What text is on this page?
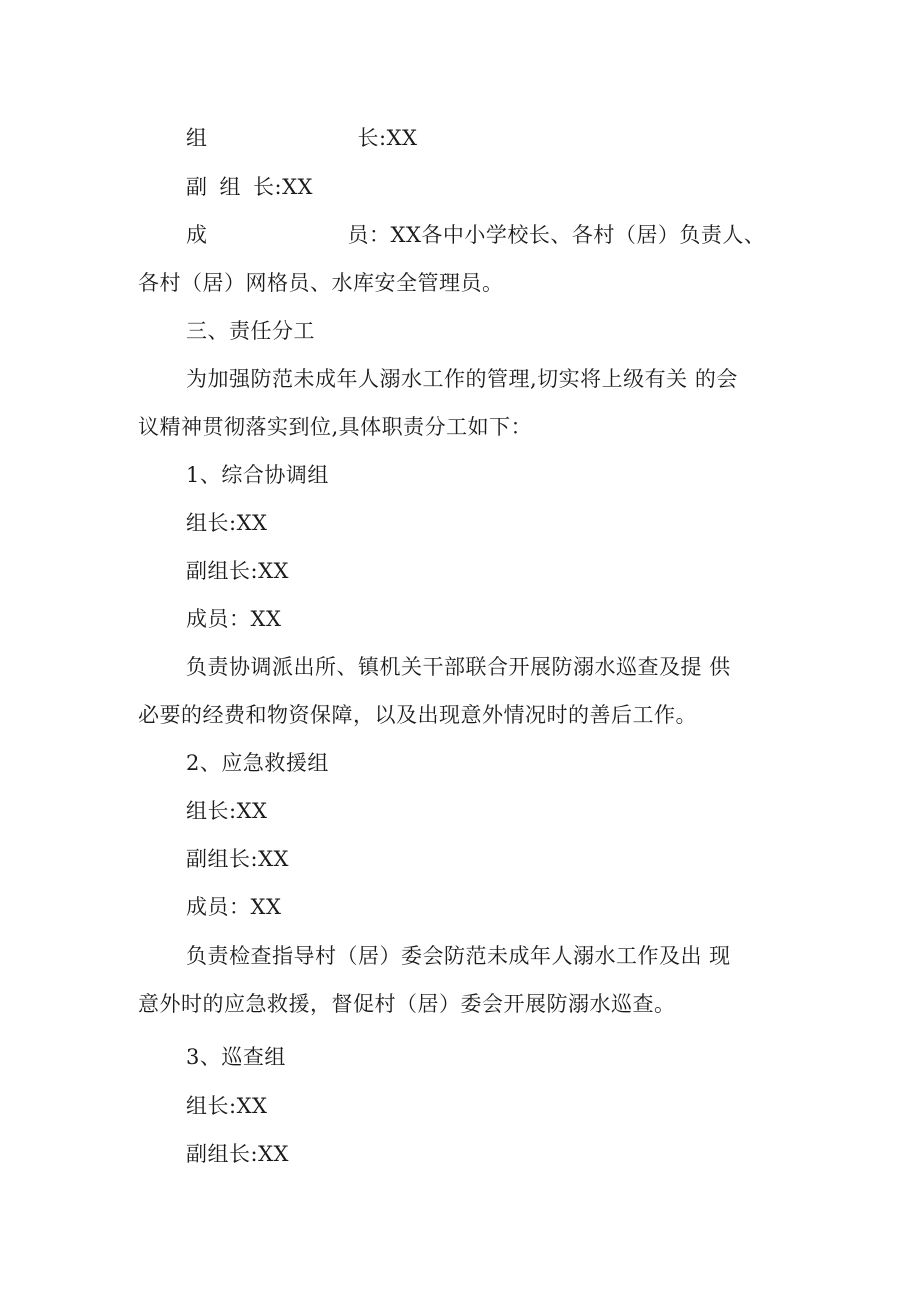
组	长:XX
副 组 长:XX
成	员：XX各中小学校长、各村（居）负责人、
各村（居）网格员、水库安全管理员。
三、责任分工
为加强防范未成年人溺水工作的管理,切实将上级有关 的会
议精神贯彻落实到位,具体职责分工如下：
1、综合协调组
组长:XX
副组长:XX
成员：XX
负责协调派出所、镇机关干部联合开展防溺水巡查及提 供
必要的经费和物资保障，以及出现意外情况时的善后工作。
2、应急救援组
组长:XX
副组长:XX
成员：XX
负责检查指导村（居）委会防范未成年人溺水工作及出 现
意外时的应急救援，督促村（居）委会开展防溺水巡查。
3、巡查组
组长:XX
副组长:XX
